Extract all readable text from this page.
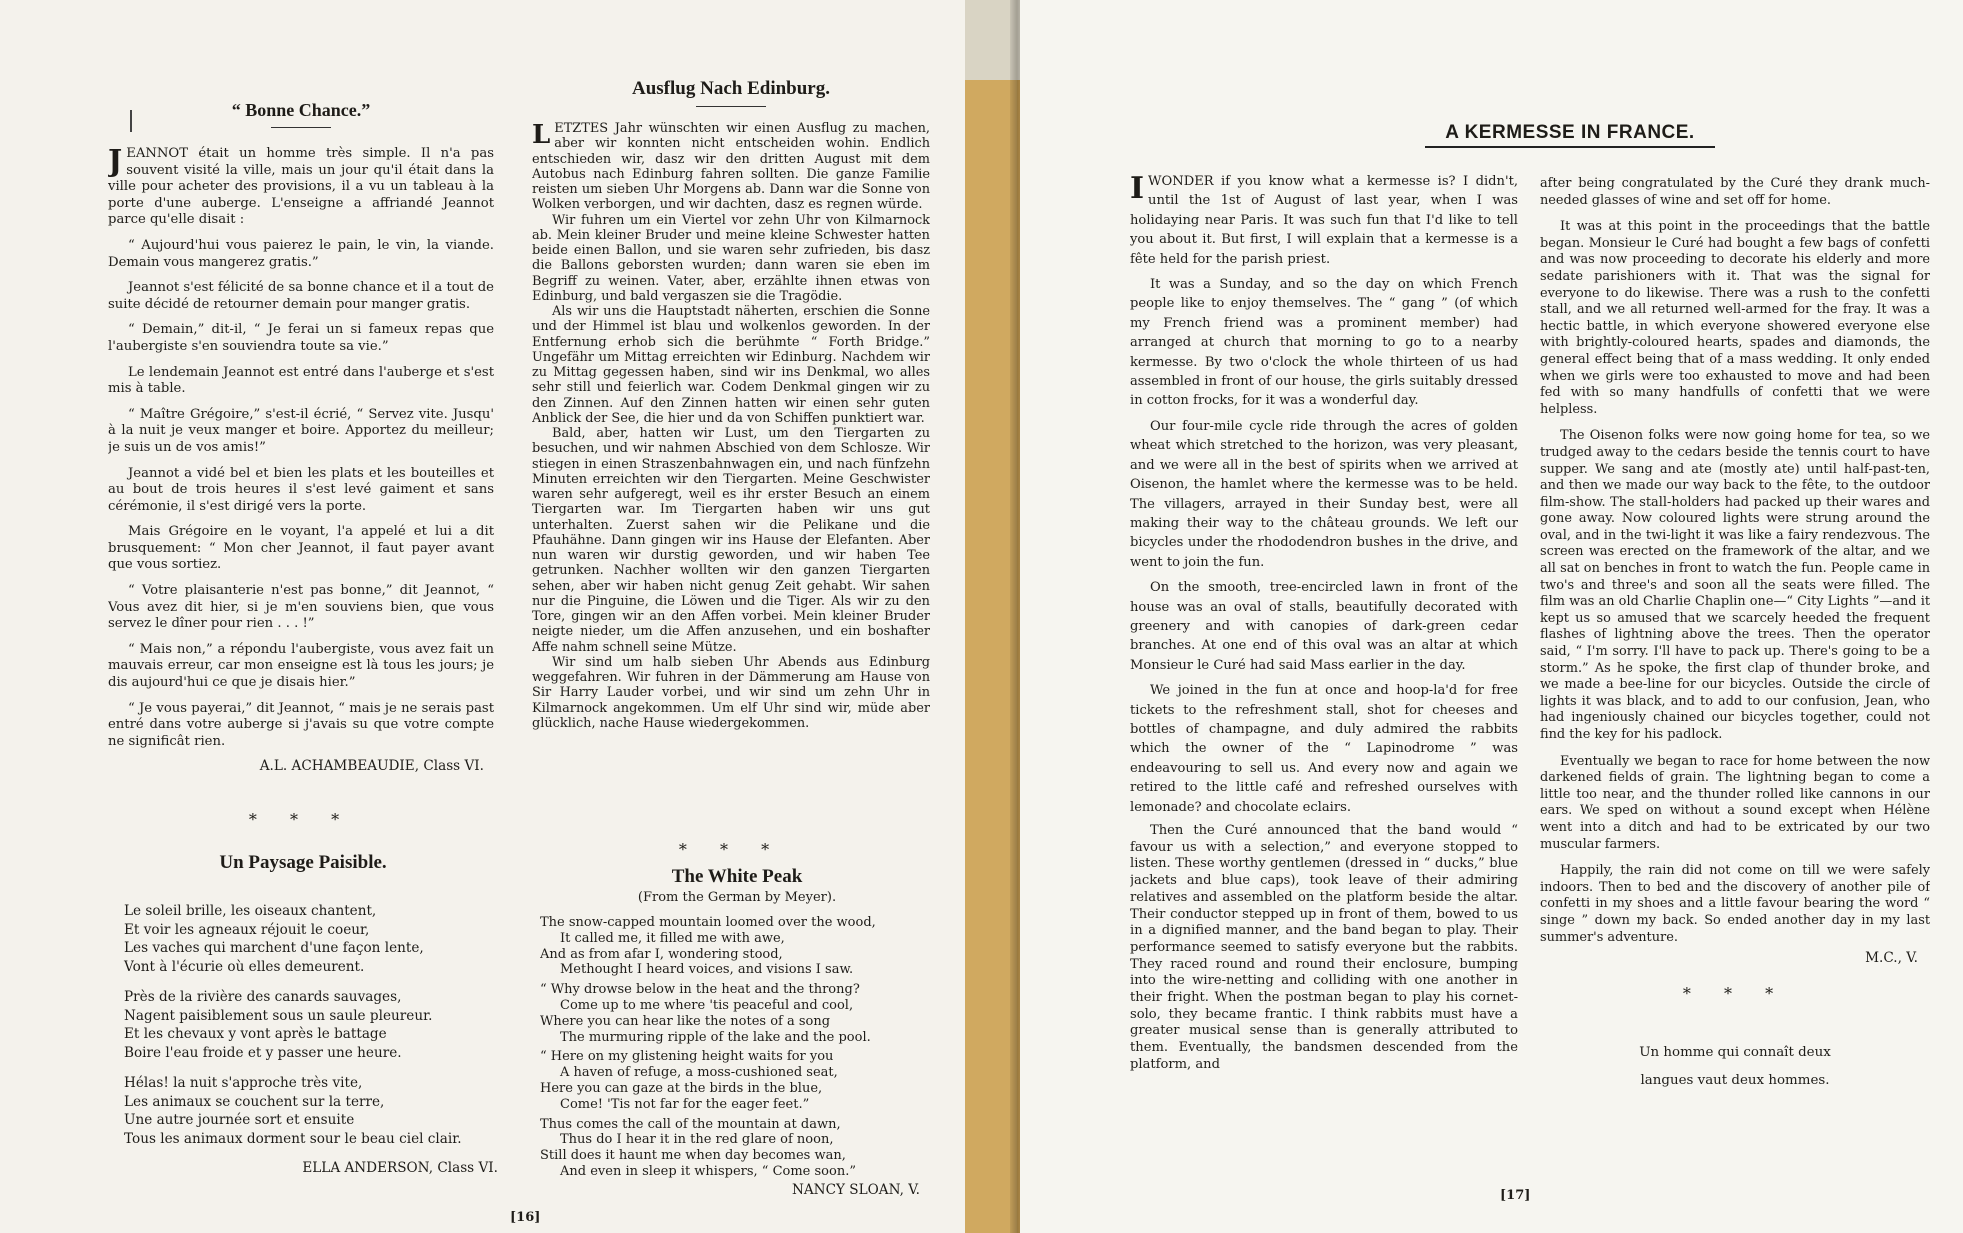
“ Bonne Chance.”

JEANNOT était un homme très simple. Il n'a pas souvent visité la ville, mais un jour qu'il était dans la ville pour acheter des provisions, il a vu un tableau à la porte d'une auberge. L'enseigne a affriandé Jeannot parce qu'elle disait :

“ Aujourd'hui vous paierez le pain, le vin, la viande. Demain vous mangerez gratis.”

Jeannot s'est félicité de sa bonne chance et il a tout de suite décidé de retourner demain pour manger gratis.

“ Demain,” dit-il, “ Je ferai un si fameux repas que l'aubergiste s'en souviendra toute sa vie.”

Le lendemain Jeannot est entré dans l'auberge et s'est mis à table.

“ Maître Grégoire,” s'est-il écrié, “ Servez vite. Jusqu' à la nuit je veux manger et boire. Apportez du meilleur; je suis un de vos amis!”

Jeannot a vidé bel et bien les plats et les bouteilles et au bout de trois heures il s'est levé gaiment et sans cérémonie, il s'est dirigé vers la porte.

Mais Grégoire en le voyant, l'a appelé et lui a dit brusquement: “ Mon cher Jeannot, il faut payer avant que vous sortiez.

“ Votre plaisanterie n'est pas bonne,” dit Jeannot, “ Vous avez dit hier, si je m'en souviens bien, que vous servez le dîner pour rien . . . !”

“ Mais non,” a répondu l'aubergiste, vous avez fait un mauvais erreur, car mon enseigne est là tous les jours; je dis aujourd'hui ce que je disais hier.”

“ Je vous payerai,” dit Jeannot, “ mais je ne serais past entré dans votre auberge si j'avais su que votre compte ne significât rien.

A.L. ACHAMBEAUDIE, Class VI.
* * *
Un Paysage Paisible.
Le soleil brille, les oiseaux chantent,
Et voir les agneaux réjouit le coeur,
Les vaches qui marchent d'une façon lente,
Vont à l'écurie où elles demeurent.
Près de la rivière des canards sauvages,
Nagent paisiblement sous un saule pleureur.
Et les chevaux y vont après le battage
Boire l'eau froide et y passer une heure.
Hélas! la nuit s'approche très vite,
Les animaux se couchent sur la terre,
Une autre journée sort et ensuite
Tous les animaux dorment sour le beau ciel clair.
ELLA ANDERSON, Class VI.
Ausflug Nach Edinburg.

LETZTES Jahr wünschten wir einen Ausflug zu machen, aber wir konnten nicht entscheiden wohin. Endlich entschieden wir, dasz wir den dritten August mit dem Autobus nach Edinburg fahren sollten. Die ganze Familie reisten um sieben Uhr Morgens ab. Dann war die Sonne von Wolken verborgen, und wir dachten, dasz es regnen würde.

Wir fuhren um ein Viertel vor zehn Uhr von Kilmarnock ab. Mein kleiner Bruder und meine kleine Schwester hatten beide einen Ballon, und sie waren sehr zufrieden, bis dasz die Ballons geborsten wurden; dann waren sie eben im Begriff zu weinen. Vater, aber, erzählte ihnen etwas von Edinburg, und bald vergaszen sie die Tragödie.

Als wir uns die Hauptstadt näherten, erschien die Sonne und der Himmel ist blau und wolkenlos geworden. In der Entfernung erhob sich die berühmte “ Forth Bridge.” Ungefähr um Mittag erreichten wir Edinburg. Nachdem wir zu Mittag gegessen haben, sind wir ins Denkmal, wo alles sehr still und feierlich war. Codem Denkmal gingen wir zu den Zinnen. Auf den Zinnen hatten wir einen sehr guten Anblick der See, die hier und da von Schiffen punktiert war.

Bald, aber, hatten wir Lust, um den Tiergarten zu besuchen, und wir nahmen Abschied von dem Schlosze. Wir stiegen in einen Straszenbahnwagen ein, und nach fünfzehn Minuten erreichten wir den Tiergarten. Meine Geschwister waren sehr aufgeregt, weil es ihr erster Besuch an einem Tiergarten war. Im Tiergarten haben wir uns gut unterhalten. Zuerst sahen wir die Pelikane und die Pfauhähne. Dann gingen wir ins Hause der Elefanten. Aber nun waren wir durstig geworden, und wir haben Tee getrunken. Nachher wollten wir den ganzen Tiergarten sehen, aber wir haben nicht genug Zeit gehabt. Wir sahen nur die Pinguine, die Löwen und die Tiger. Als wir zu den Tore, gingen wir an den Affen vorbei. Mein kleiner Bruder neigte nieder, um die Affen anzusehen, und ein boshafter Affe nahm schnell seine Mütze.

Wir sind um halb sieben Uhr Abends aus Edinburg weggefahren. Wir fuhren in der Dämmerung am Hause von Sir Harry Lauder vorbei, und wir sind um zehn Uhr in Kilmarnock angekommen. Um elf Uhr sind wir, müde aber glücklich, nache Hause wiedergekommen.

* * *
The White Peak
(From the German by Meyer).
The snow-capped mountain loomed over the wood,
It called me, it filled me with awe,
And as from afar I, wondering stood,
Methought I heard voices, and visions I saw.
“ Why drowse below in the heat and the throng?
Come up to me where 'tis peaceful and cool,
Where you can hear like the notes of a song
The murmuring ripple of the lake and the pool.
“ Here on my glistening height waits for you
A haven of refuge, a moss-cushioned seat,
Here you can gaze at the birds in the blue,
Come! 'Tis not far for the eager feet.”
Thus comes the call of the mountain at dawn,
Thus do I hear it in the red glare of noon,
Still does it haunt me when day becomes wan,
And even in sleep it whispers, “ Come soon.”
NANCY SLOAN, V.
[16]
A KERMESSE IN FRANCE.

IWONDER if you know what a kermesse is? I didn't, until the 1st of August of last year, when I was holidaying near Paris. It was such fun that I'd like to tell you about it. But first, I will explain that a kermesse is a fête held for the parish priest.

It was a Sunday, and so the day on which French people like to enjoy themselves. The “ gang ” (of which my French friend was a prominent member) had arranged at church that morning to go to a nearby kermesse. By two o'clock the whole thirteen of us had assembled in front of our house, the girls suitably dressed in cotton frocks, for it was a wonderful day.

Our four-mile cycle ride through the acres of golden wheat which stretched to the horizon, was very pleasant, and we were all in the best of spirits when we arrived at Oisenon, the hamlet where the kermesse was to be held. The villagers, arrayed in their Sunday best, were all making their way to the château grounds. We left our bicycles under the rhododendron bushes in the drive, and went to join the fun.

On the smooth, tree-encircled lawn in front of the house was an oval of stalls, beautifully decorated with greenery and with canopies of dark-green cedar branches. At one end of this oval was an altar at which Monsieur le Curé had said Mass earlier in the day.

We joined in the fun at once and hoop-la'd for free tickets to the refreshment stall, shot for cheeses and bottles of champagne, and duly admired the rabbits which the owner of the “ Lapinodrome ” was endeavouring to sell us. And every now and again we retired to the little café and refreshed ourselves with lemonade? and chocolate eclairs.

Then the Curé announced that the band would “ favour us with a selection,” and everyone stopped to listen. These worthy gentlemen (dressed in “ ducks,” blue jackets and blue caps), took leave of their admiring relatives and assembled on the platform beside the altar. Their conductor stepped up in front of them, bowed to us in a dignified manner, and the band began to play. Their performance seemed to satisfy everyone but the rabbits. They raced round and round their enclosure, bumping into the wire-netting and colliding with one another in their fright. When the postman began to play his cornet-solo, they became frantic. I think rabbits must have a greater musical sense than is generally attributed to them. Eventually, the bandsmen descended from the platform, and

after being congratulated by the Curé they drank much-needed glasses of wine and set off for home.

It was at this point in the proceedings that the battle began. Monsieur le Curé had bought a few bags of confetti and was now proceeding to decorate his elderly and more sedate parishioners with it. That was the signal for everyone to do likewise. There was a rush to the confetti stall, and we all returned well-armed for the fray. It was a hectic battle, in which everyone showered everyone else with brightly-coloured hearts, spades and diamonds, the general effect being that of a mass wedding. It only ended when we girls were too exhausted to move and had been fed with so many handfulls of confetti that we were helpless.

The Oisenon folks were now going home for tea, so we trudged away to the cedars beside the tennis court to have supper. We sang and ate (mostly ate) until half-past-ten, and then we made our way back to the fête, to the outdoor film-show. The stall-holders had packed up their wares and gone away. Now coloured lights were strung around the oval, and in the twi-light it was like a fairy rendezvous. The screen was erected on the framework of the altar, and we all sat on benches in front to watch the fun. People came in two's and three's and soon all the seats were filled. The film was an old Charlie Chaplin one—“ City Lights ”—and it kept us so amused that we scarcely heeded the frequent flashes of lightning above the trees. Then the operator said, “ I'm sorry. I'll have to pack up. There's going to be a storm.” As he spoke, the first clap of thunder broke, and we made a bee-line for our bicycles. Outside the circle of lights it was black, and to add to our confusion, Jean, who had ingeniously chained our bicycles together, could not find the key for his padlock.

Eventually we began to race for home between the now darkened fields of grain. The lightning began to come a little too near, and the thunder rolled like cannons in our ears. We sped on without a sound except when Hélène went into a ditch and had to be extricated by our two muscular farmers.

Happily, the rain did not come on till we were safely indoors. Then to bed and the discovery of another pile of confetti in my shoes and a little favour bearing the word “ singe ” down my back. So ended another day in my last summer's adventure.

M.C., V.
* * *
Un homme qui connaît deux
langues vaut deux hommes.
[17]
